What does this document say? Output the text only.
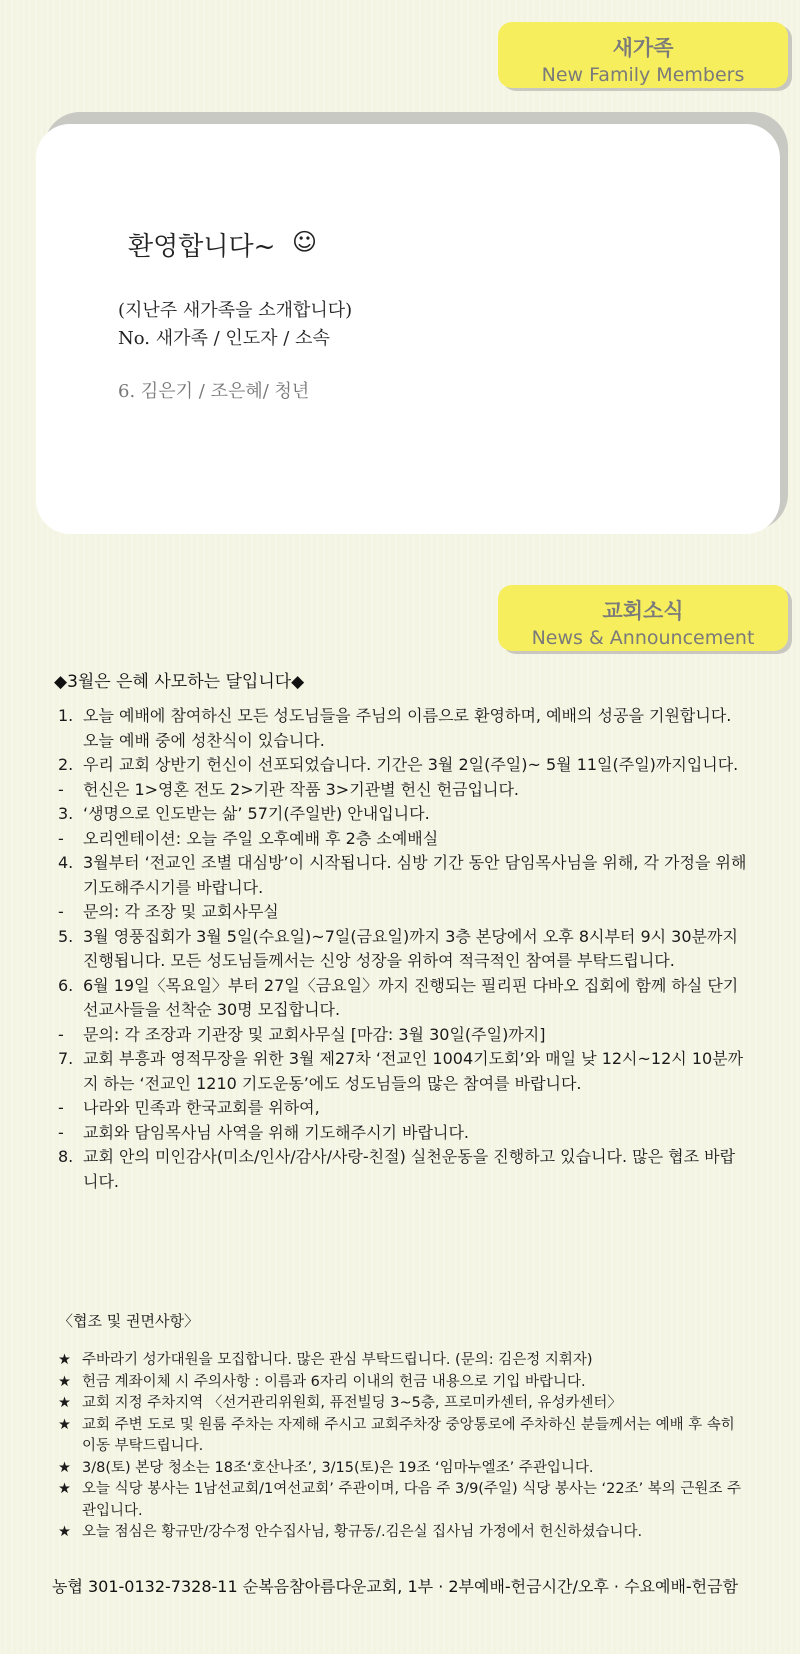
새가족
New Family Members
환영합니다~ ☺
(지난주 새가족을 소개합니다)
No. 새가족 / 인도자 / 소속
6. 김은기 / 조은혜/ 청년
교회소식
News & Announcement
◆3월은 은혜 사모하는 달입니다◆
1. 오늘 예배에 참여하신 모든 성도님들을 주님의 이름으로 환영하며, 예배의 성공을 기원합니다. 오늘 예배 중에 성찬식이 있습니다.
2. 우리 교회 상반기 헌신이 선포되었습니다. 기간은 3월 2일(주일)~ 5월 11일(주일)까지입니다.
-	헌신은 1>영혼 전도 2>기관 작품 3>기관별 헌신 헌금입니다.
3. ‘생명으로 인도받는 삶’ 57기(주일반) 안내입니다.
-	오리엔테이션: 오늘 주일 오후예배 후 2층 소예배실
4. 3월부터 ‘전교인 조별 대심방’이 시작됩니다. 심방 기간 동안 담임목사님을 위해, 각 가정을 위해 기도해주시기를 바랍니다.
-	문의: 각 조장 및 교회사무실
5. 3월 영풍집회가 3월 5일(수요일)~7일(금요일)까지 3층 본당에서 오후 8시부터 9시 30분까지 진행됩니다. 모든 성도님들께서는 신앙 성장을 위하여 적극적인 참여를 부탁드립니다.
6. 6월 19일〈목요일〉부터 27일〈금요일〉까지 진행되는 필리핀 다바오 집회에 함께 하실 단기선교사들을 선착순 30명 모집합니다.
-	문의: 각 조장과 기관장 및 교회사무실 [마감: 3월 30일(주일)까지]
7. 교회 부흥과 영적무장을 위한 3월 제27차 ‘전교인 1004기도회’와 매일 낮 12시~12시 10분까지 하는 ‘전교인 1210 기도운동’에도 성도님들의 많은 참여를 바랍니다.
-	나라와 민족과 한국교회를 위하여,
-	교회와 담임목사님 사역을 위해 기도해주시기 바랍니다.
8. 교회 안의 미인감사(미소/인사/감사/사랑-친절) 실천운동을 진행하고 있습니다. 많은 협조 바랍니다.
〈협조 및 권면사항〉
★ 주바라기 성가대원을 모집합니다. 많은 관심 부탁드립니다. (문의: 김은정 지휘자)
★ 헌금 계좌이체 시 주의사항 : 이름과 6자리 이내의 헌금 내용으로 기입 바랍니다.
★ 교회 지정 주차지역 〈선거관리위원회, 퓨전빌딩 3~5층, 프로미카센터, 유성카센터〉
★ 교회 주변 도로 및 원룸 주차는 자제해 주시고 교회주차장 중앙통로에 주차하신 분들께서는 예배 후 속히 이동 부탁드립니다.
★ 3/8(토) 본당 청소는 18조‘호산나조’, 3/15(토)은 19조 ‘임마누엘조’ 주관입니다.
★ 오늘 식당 봉사는 1남선교회/1여선교회’ 주관이며, 다음 주 3/9(주일) 식당 봉사는 ‘22조’ 복의 근원조 주관입니다.
★ 오늘 점심은 황규만/강수정 안수집사님, 황규동/.김은실 집사님 가정에서 헌신하셨습니다.
농협 301-0132-7328-11 순복음참아름다운교회, 1부 · 2부예배-헌금시간/오후 · 수요예배-헌금함
